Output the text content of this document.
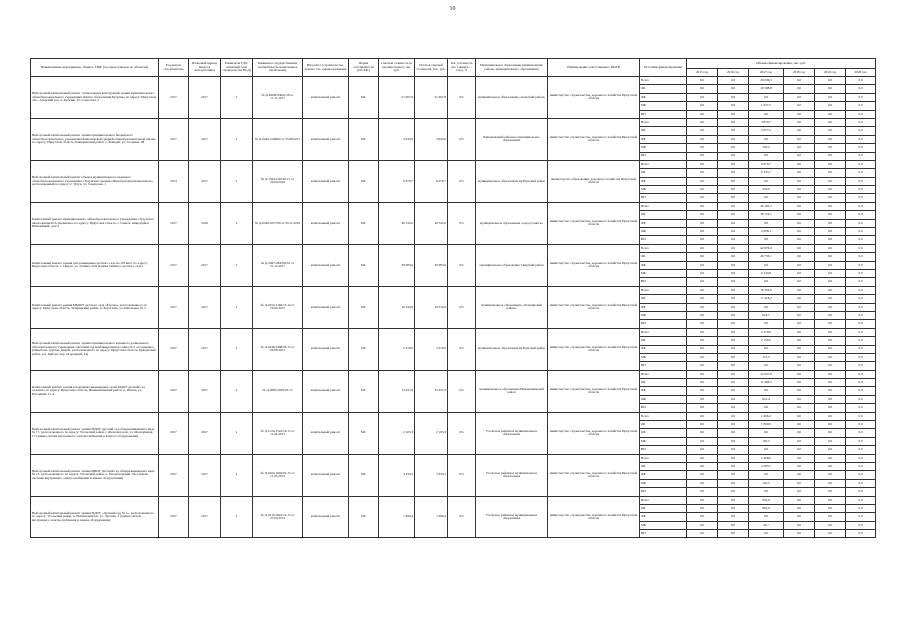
10
Наименование мероприятия, объекта, ЗЗКР (в разрезе районов по объектам)	Год начала строительства	Плановый период ввода (в эксплуатацию)	Реквизиты ТЭД, плановый срок строительства ПСД)	Реквизиты государственной экспертизы (положительное заключение)	Вид работ (строительство, ремонт, тех. перевооружение)	Форма собственности (ОС/МС)	Сметная стоимость (в текущих ценах), тыс. руб.	Остаток сметной стоимости, тыс. руб.	Тех. готовность (на 1 января ... года), %	Муниципальное образование (наименование района, муниципального образования)	Наименование ответственного ИОГВ	Источник финансирования	Объемы финансирования, тыс. руб.					
													2015 год	2016 год	2017 год	2018 год	2019 год	2020 год
Выборочный капитальный ремонт строительных конструкций здания муниципального общеобразовательного учреждения «Центр образования Кутулик» по адресу: Иркутская обл., Аларский р-н, п. Кутулик, ул. Советская, 2	2017	2017	х	№ Д-490И-0300о/18 от 17.11.2017	капитальный ремонт	МС	21 067,8	21 067,8	0%	муниципальное образование «Аларский район»	министерство строительства, дорожного хозяйства Иркутской области	Всего	0,0	0,0	20 636,3	0,0	0,0	0,0
												ОБ	0,0	0,0	19 598,8	0,0	0,0	0,0
												ФБ	0,0	0,0	0,0	0,0	0,0	0,0
												МБ	0,0	0,0	1 037,5	0,0	0,0	0,0
												ВИ	0,0	0,0	0,0	0,0	0,0	0,0
Выборочный капитальный ремонт здания муниципального бюджетного общеобразовательного учреждения Баяндаевской средней общеобразовательной школы по адресу: Иркутская область, Баяндаевский район, с. Баяндай, ул. Гагарина, 48	2017	2017	х	№ Д-2040-2/40902 от 25.08.2017	капитальный ремонт	МС	3 943,6	3 943,6	0%	Баяндаевский районное муниципальное образование	министерство строительства, дорожного хозяйства Иркутской области	Всего	0,0	0,0	3 870,7	0,0	0,0	0,0
												ОБ	0,0	0,0	3 677,2	0,0	0,0	0,0
												ФБ	0,0	0,0	0,0	0,0	0,0	0,0
												МБ	0,0	0,0	193,5	0,0	0,0	0,0
												ВИ	0,0	0,0	0,0	0,0	0,0	0,0
Выборочный капитальный ремонт объекта муниципального казенного общеобразовательного учреждения «Тулунская средняя общеобразовательная школа», расположенный по адресу: г. Тулун, ул. Свердлова, 1	2013	2017	х	№ Д-1502-1/00/02.15 от 22.04.2016	капитальный ремонт	МС	6 679,7	6 679,7	0%	муниципальное образование Куйтунский район	министерство образования, дорожного хозяйства Иркутской области	Всего	0,0	0,0	6 679,7	0,0	0,0	0,0
												ОБ	0,0	0,0	6 345,7	0,0	0,0	0,0
												ФБ	0,0	0,0	0,0	0,0	0,0	0,0
												МБ	0,0	0,0	334,0	0,0	0,0	0,0
												ВИ	0,0	0,0	0,0	0,0	0,0	0,0
Капитальный ремонт муниципального общеобразовательного учреждения «Тулунская школа имени И.А. Кельмана» по адресу: Иркутская область, г. Саянск, микрорайон Юбилейный, дом 4	2017	2018	х	№ Д-6340-0357/00 от 09.11.2016	капитальный ремонт	МС	40 545,0	40 545,0	0%	муниципальное образование «город Саянск»	министерство строительства, дорожного хозяйства Иркутской области	Всего	0,0	0,0	40 162,2	0,0	0,0	0,0
												ОБ	0,0	0,0	38 154,1	0,0	0,0	0,0
												ФБ	0,0	0,0	0,0	0,0	0,0	0,0
												МБ	0,0	0,0	2 008,1	0,0	0,0	0,0
												ВИ	0,0	0,0	0,0	0,0	0,0	0,0
Капитальный ремонт здания для размещения детского сада на 105 мест по адресу: Иркутская область, г. Свирск, ул. Ленина, 23А (здание бывшего детского сада)	2017	2017	х	№ Д-2067-264709/10 от 21.12.2017	капитальный ремонт	МС	39 983,6	39 983,6	0%	муниципальное образование Свирский район	министерство строительства, дорожного хозяйства Иркутской области	Всего	0,0	0,0	42 876,9	0,0	0,0	0,0
												ОБ	0,0	0,0	40 733,1	0,0	0,0	0,0
												ФБ	0,0	0,0	0,0	0,0	0,0	0,0
												МБ	0,0	0,0	2 143,8	0,0	0,0	0,0
												ВИ	0,0	0,0	0,0	0,0	0,0	0,0
Капитальный ремонт здания МБДОУ детского сада «Ёлочка», расположенного по адресу: Иркутская область, Заларинский район, п. Хор-Тагна, ул. Школьная, № 5	2017	2017	х	№ Д-2254-2194/15.14 от 19.02.2017	капитальный ремонт	МС	18 334,9	18 334,9	0%	муниципальное образование «Заларинский район»	министерство строительства, дорожного хозяйства Иркутской области	Всего	0,0	0,0	18 334,9	0,0	0,0	0,0
												ОБ	0,0	0,0	17 418,2	0,0	0,0	0,0
												ФБ	0,0	0,0	0,0	0,0	0,0	0,0
												МБ	0,0	0,0	916,7	0,0	0,0	0,0
												ВИ	0,0	0,0	0,0	0,0	0,0	0,0
Выборочный капитальный ремонт здания муниципального казенного дошкольного образовательного учреждения «Детский сад комбинированного вида № 5 «Солнышко» (пищеблок, группы, дверей, расположенного по адресу: Иркутская область, Куйтунский район, р.п. Куйтун, пер. Огородный, 24)	2017	2017	х	№ Д-2448-2488/05.15 от 09.08.2013	капитальный ремонт	МС	2 270,0	2 270,0	0%	муниципальное образование Куйтунский район	министерство строительства, дорожного хозяйства Иркутской области	Всего	0,0	0,0	2 270,0	0,0	0,0	0,0
												ОБ	0,0	0,0	2 156,5	0,0	0,0	0,0
												ФБ	0,0	0,0	0,0	0,0	0,0	0,0
												МБ	0,0	0,0	113,5	0,0	0,0	0,0
												ВИ	0,0	0,0	0,0	0,0	0,0	0,0
Капитальный ремонт здания и наружных инженерных сетей МДОУ детский сад «Сказка» по адресу: Иркутская область, Нижнеилимский район, п. Янгель, ул. Нагорный, 21 А	2017	2017	х	№ Д-2085-2065/02.15	капитальный ремонт	МС	12 637,9	12 637,9	0%	муниципальное образование Нижнеилимский район	министерство строительства, дорожного хозяйства Иркутской области	Всего	0,0	0,0	12 637,9	0,0	0,0	0,0
												ОБ	0,0	0,0	11 996,5	0,0	0,0	0,0
												ФБ	0,0	0,0	0,0	0,0	0,0	0,0
												МБ	0,0	0,0	641,4	0,0	0,0	0,0
												ВИ	0,0	0,0	0,0	0,0	0,0	0,0
Выборочный капитальный ремонт здания МДОУ детский сад общеразвивающего вида № 17, расположенного по адресу: Усольский район, г. Железногорск, ул. Молодёжная, 17 (замена систем внутреннего электроснабжения и водного оборудования)	2017	2017	х	№ Д-1524-1524/16.15 от 11.04.2013	капитальный ремонт	МС	2 103,3	2 103,3	0%	Усольское районное муниципальное образование	министерство строительства, дорожного хозяйства Иркутской области	Всего	0,0	0,0	1 966,2	0,0	0,0	0,0
												ОБ	0,0	0,0	1 860,9	0,0	0,0	0,0
												ФБ	0,0	0,0	0,0	0,0	0,0	0,0
												МБ	0,0	0,0	105,3	0,0	0,0	0,0
												ВИ	0,0	0,0	0,0	0,0	0,0	0,0
Выборочный капитальный ремонт здания МБОУ Детский сад общеразвивающего вида № 15, расположенного по адресу: Усольский район, п. Белореченский, 34а (замена системы внутреннего электроснабжения и замена оборудования)	2017	2017	х	№ Д-1604-1604/02.15 от 11.03.2013	капитальный ремонт	МС	3 434,5	3 434,5	0%	Усольское районное муниципальное образование	министерство строительства, дорожного хозяйства Иркутской области	Всего	0,0	0,0	2 406,0	0,0	0,0	0,0
												ОБ	0,0	0,0	2 285,7	0,0	0,0	0,0
												ФБ	0,0	0,0	0,0	0,0	0,0	0,0
												МБ	0,0	0,0	120,3	0,0	0,0	0,0
												ВИ	0,0	0,0	0,0	0,0	0,0	0,0
Выборочный капитальный ремонт здания МДОУ «Детский сад № 1», расположенного по адресу: Усольский район, п. Новомальтинск, ул. Луговая, 3 (замена систем внутреннего электроснабжения и замена оборудования)	2017	2017	х	№ Д-1610-1610/12.15 от 27.03.2014	капитальный ремонт	МС	1 690,4	1 690,4	0%	Усольское районное муниципальное образование	министерство строительства, дорожного хозяйства Иркутской области	Всего	0,0	0,0	932,6	0,0	0,0	0,0
												ОБ	0,0	0,0	962,9	0,0	0,0	0,0
												ФБ	0,0	0,0	0,0	0,0	0,0	0,0
												МБ	0,0	0,0	46,7	0,0	0,0	0,0
												ВИ	0,0	0,0	0,0	0,0	0,0	0,0
